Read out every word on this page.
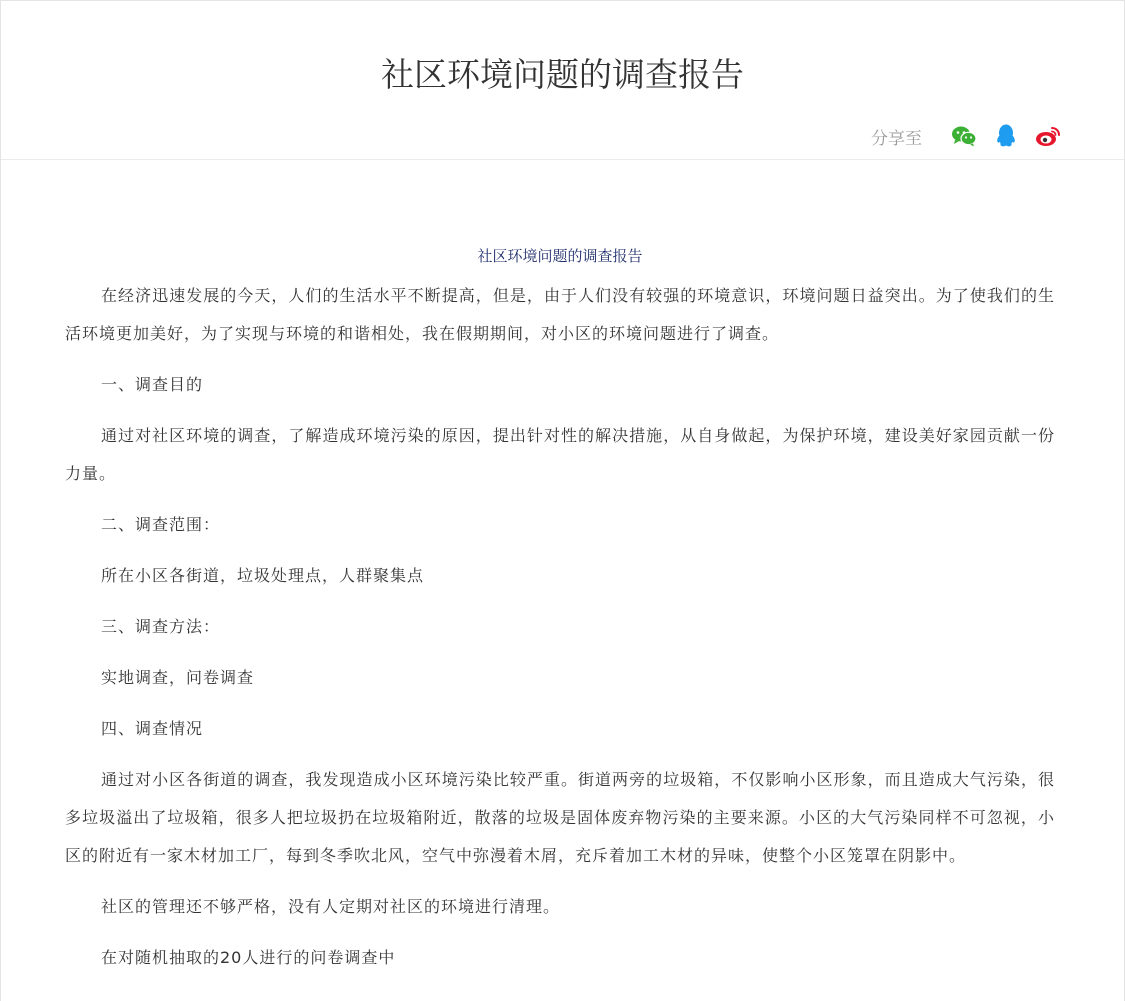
社区环境问题的调查报告
分享至
社区环境问题的调查报告

在经济迅速发展的今天，人们的生活水平不断提高，但是，由于人们没有较强的环境意识，环境问题日益突出。为了使我们的生活环境更加美好，为了实现与环境的和谐相处，我在假期期间，对小区的环境问题进行了调查。

一、调查目的

通过对社区环境的调查，了解造成环境污染的原因，提出针对性的解决措施，从自身做起，为保护环境，建设美好家园贡献一份力量。

二、调查范围：

所在小区各街道，垃圾处理点，人群聚集点

三、调查方法：

实地调查，问卷调查

四、调查情况

通过对小区各街道的调查，我发现造成小区环境污染比较严重。街道两旁的垃圾箱，不仅影响小区形象，而且造成大气污染，很多垃圾溢出了垃圾箱，很多人把垃圾扔在垃圾箱附近，散落的垃圾是固体废弃物污染的主要来源。小区的大气污染同样不可忽视，小区的附近有一家木材加工厂，每到冬季吹北风，空气中弥漫着木屑，充斥着加工木材的异味，使整个小区笼罩在阴影中。

社区的管理还不够严格，没有人定期对社区的环境进行清理。

在对随机抽取的20人进行的问卷调查中
